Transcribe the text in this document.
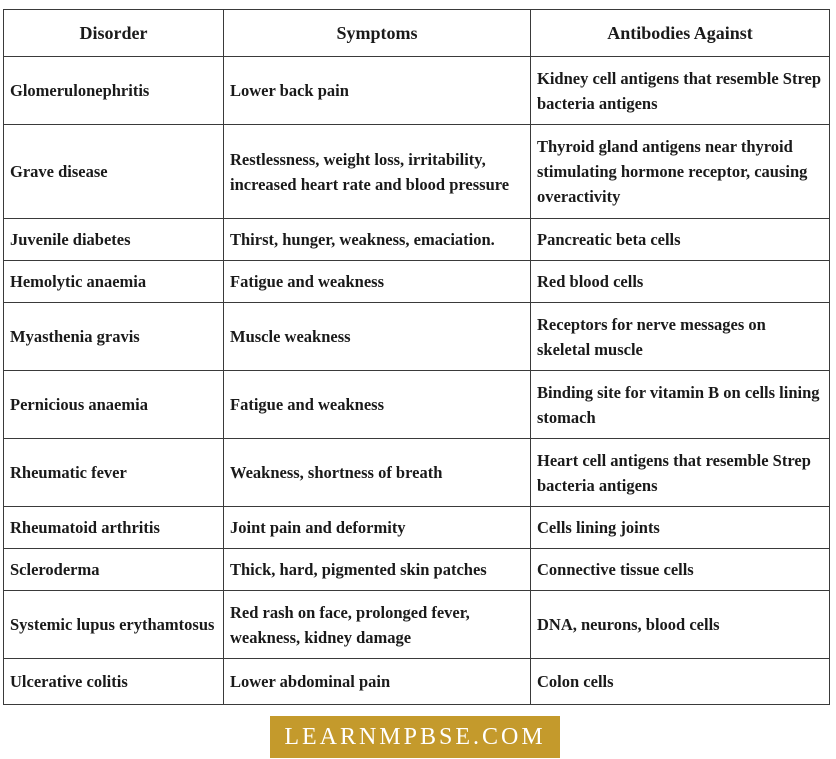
Disorder	Symptoms	Antibodies Against
Glomerulonephritis	Lower back pain	Kidney cell antigens that resemble Strep bacteria antigens
Grave disease	Restlessness, weight loss, irritability, increased heart rate and blood pressure	Thyroid gland antigens near thyroid stimulating hormone receptor, causing overactivity
Juvenile diabetes	Thirst, hunger, weakness, emaciation.	Pancreatic beta cells
Hemolytic anaemia	Fatigue and weakness	Red blood cells
Myasthenia gravis	Muscle weakness	Receptors for nerve messages on skeletal muscle
Pernicious anaemia	Fatigue and weakness	Binding site for vitamin B on cells lining stomach
Rheumatic fever	Weakness, shortness of breath	Heart cell antigens that resemble Strep bacteria antigens
Rheumatoid arthritis	Joint pain and deformity	Cells lining joints
Scleroderma	Thick, hard, pigmented skin patches	Connective tissue cells
Systemic lupus erythamtosus	Red rash on face, prolonged fever, weakness, kidney damage	DNA, neurons, blood cells
Ulcerative colitis	Lower abdominal pain	Colon cells
LEARNMPBSE.COM
